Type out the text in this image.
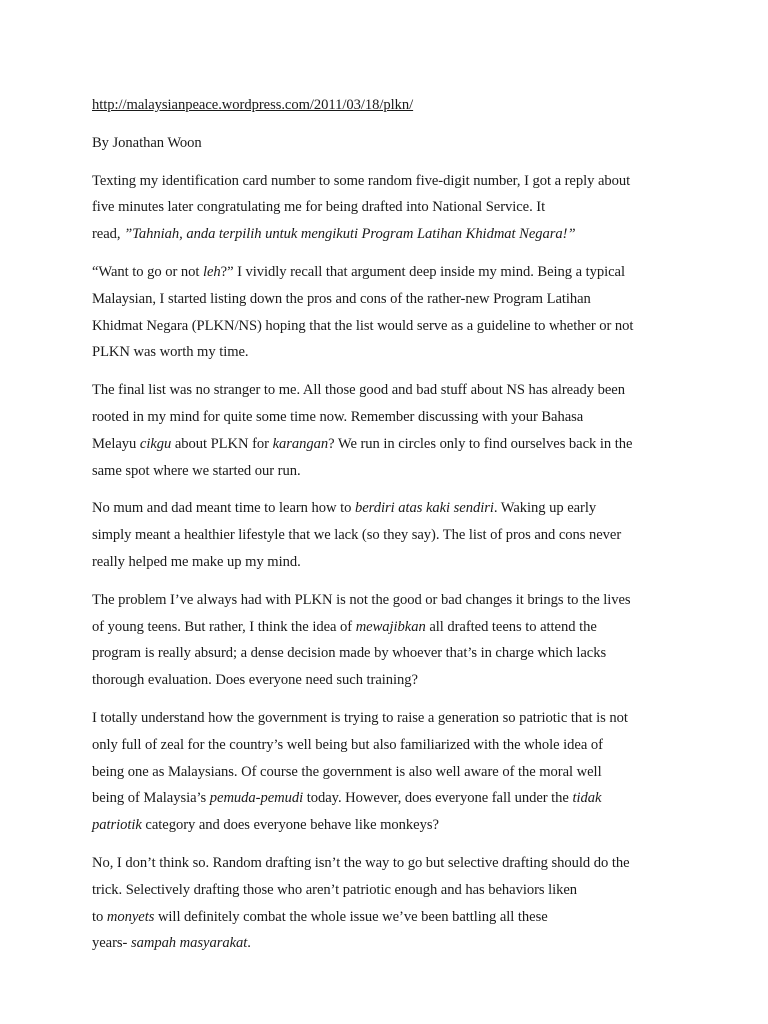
http://malaysianpeace.wordpress.com/2011/03/18/plkn/

By Jonathan Woon

Texting my identification card number to some random five-digit number, I got a reply about
five minutes later congratulating me for being drafted into National Service. It
read, ”Tahniah, anda terpilih untuk mengikuti Program Latihan Khidmat Negara!”

“Want to go or not leh?” I vividly recall that argument deep inside my mind. Being a typical
Malaysian, I started listing down the pros and cons of the rather-new Program Latihan
Khidmat Negara (PLKN/NS) hoping that the list would serve as a guideline to whether or not
PLKN was worth my time.

The final list was no stranger to me. All those good and bad stuff about NS has already been
rooted in my mind for quite some time now. Remember discussing with your Bahasa
Melayu cikgu about PLKN for karangan? We run in circles only to find ourselves back in the
same spot where we started our run.

No mum and dad meant time to learn how to berdiri atas kaki sendiri. Waking up early
simply meant a healthier lifestyle that we lack (so they say). The list of pros and cons never
really helped me make up my mind.

The problem I’ve always had with PLKN is not the good or bad changes it brings to the lives
of young teens. But rather, I think the idea of mewajibkan all drafted teens to attend the
program is really absurd; a dense decision made by whoever that’s in charge which lacks
thorough evaluation. Does everyone need such training?

I totally understand how the government is trying to raise a generation so patriotic that is not
only full of zeal for the country’s well being but also familiarized with the whole idea of
being one as Malaysians. Of course the government is also well aware of the moral well
being of Malaysia’s pemuda-pemudi today. However, does everyone fall under the tidak
patriotik category and does everyone behave like monkeys?

No, I don’t think so. Random drafting isn’t the way to go but selective drafting should do the
trick. Selectively drafting those who aren’t patriotic enough and has behaviors liken
to monyets will definitely combat the whole issue we’ve been battling all these
years- sampah masyarakat.
